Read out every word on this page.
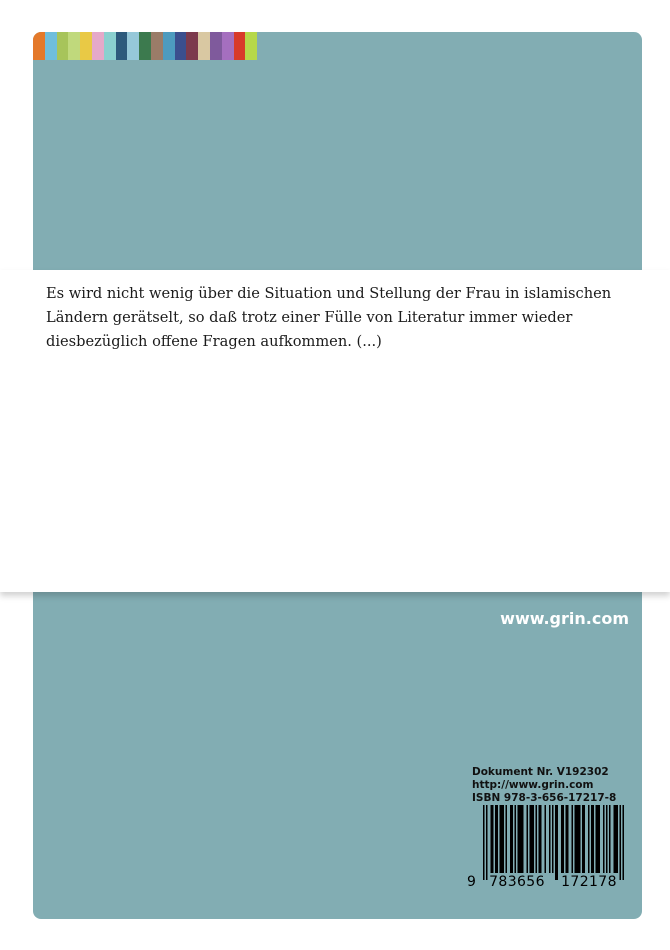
Es wird nicht wenig über die Situation und Stellung der Frau in islamischen
Ländern gerätselt, so daß trotz einer Fülle von Literatur immer wieder
diesbezüglich offene Fragen aufkommen. (...)

www.grin.com
Dokument Nr. V192302
http://www.grin.com
ISBN 978-3-656-17217-8
9 783656	172178
